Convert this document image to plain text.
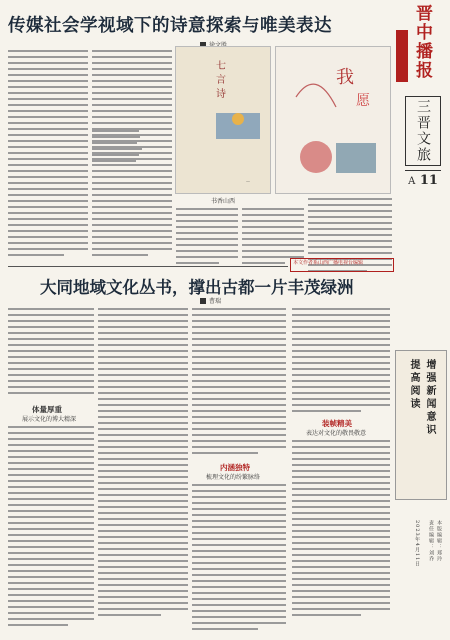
传媒社会学视域下的诗意探索与唯美表达
七
言
诗
—
我
愿
书香山西
本文作者系山西广播电视台编辑
大同地域文化丛书，撑出古都一片丰茂绿洲
曹瑞
体量厚重
展示文化的博大精深
内涵独特
梳理文化的纷繁脉络
装帧精美
表达对文化的敬畏敬意
晋中播报
三晋文旅
A 11
增强新闻意识
提高阅读
本版编辑：郑玲
责任编辑：刘乔
2023年4月11日
